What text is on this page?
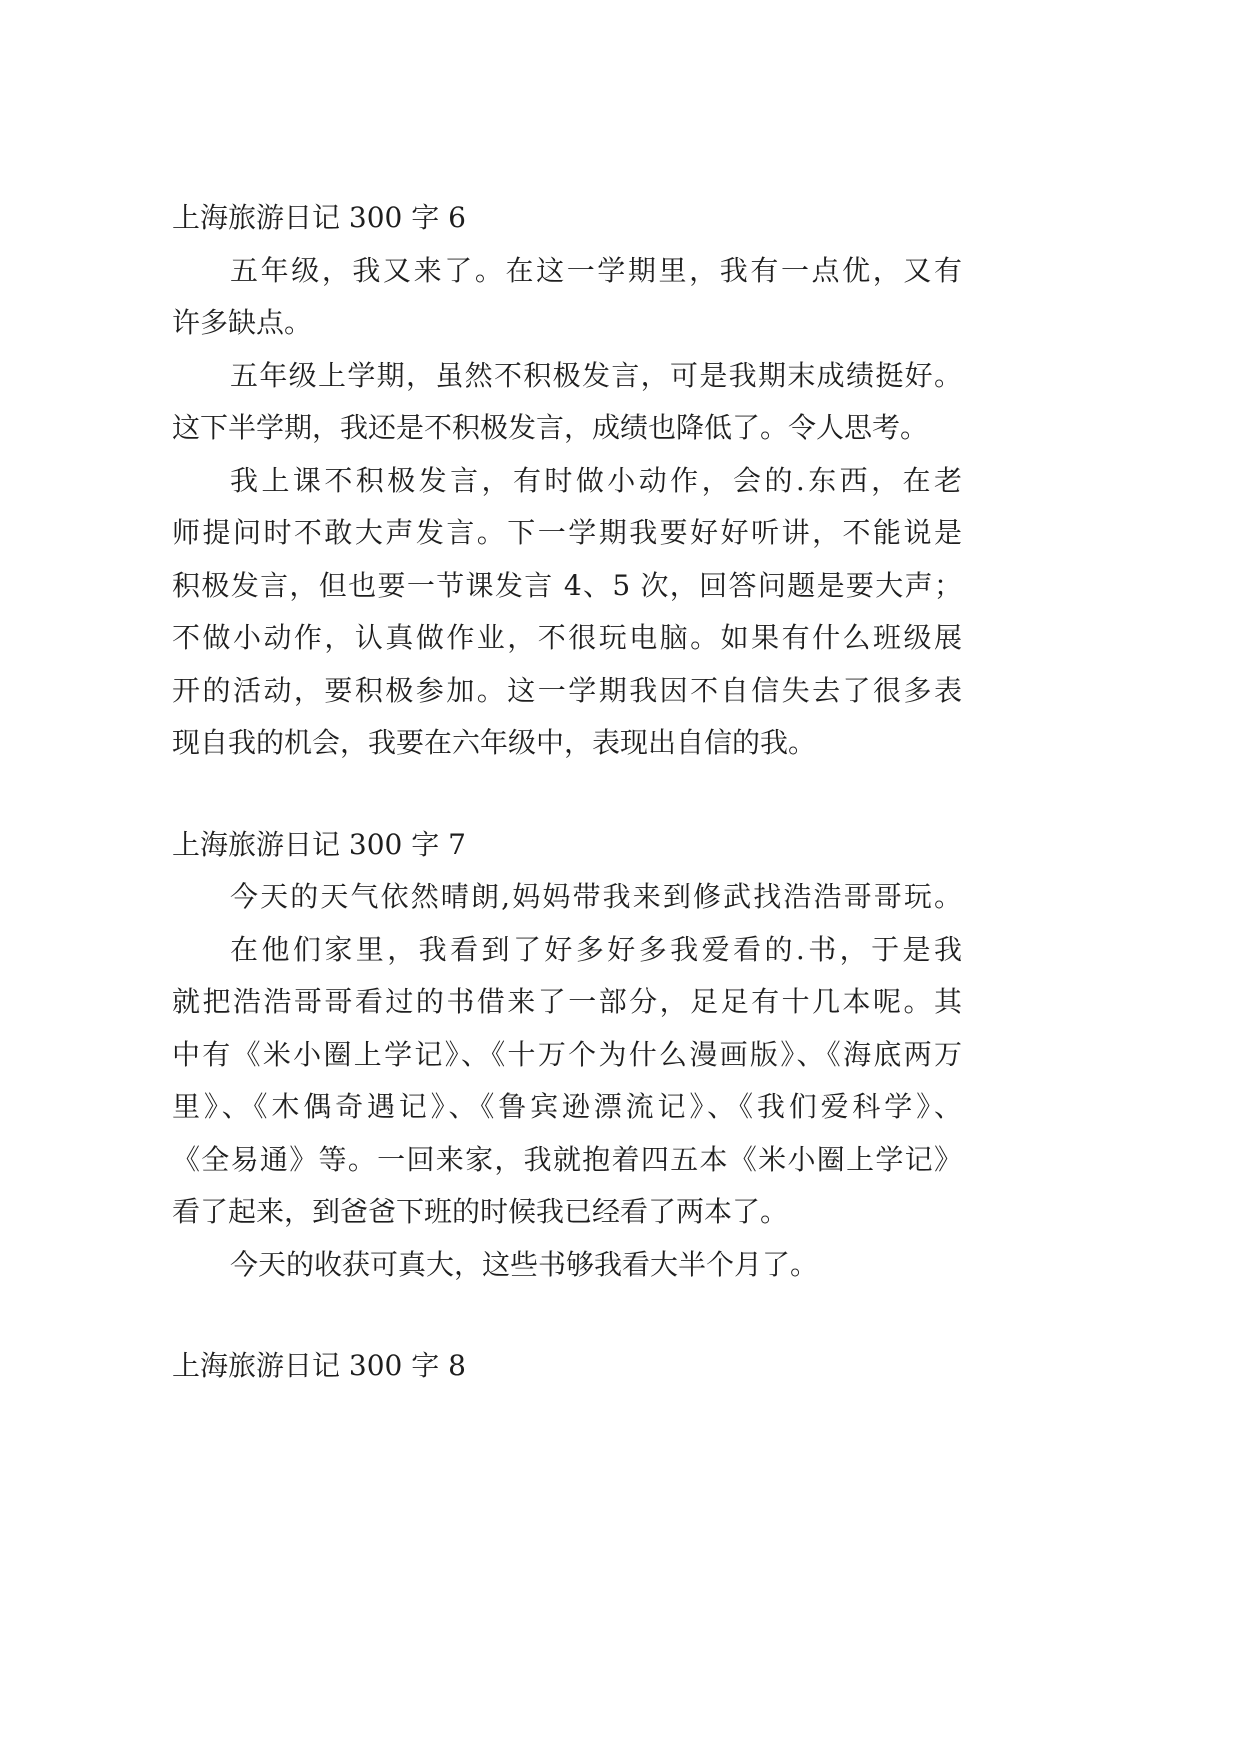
上海旅游日记 300 字 6
五年级，我又来了。在这一学期里，我有一点优，又有
许多缺点。
五年级上学期，虽然不积极发言，可是我期末成绩挺好。
这下半学期，我还是不积极发言，成绩也降低了。令人思考。
我上课不积极发言，有时做小动作，会的.东西，在老
师提问时不敢大声发言。下一学期我要好好听讲，不能说是
积极发言，但也要一节课发言 4、5 次，回答问题是要大声；
不做小动作，认真做作业，不很玩电脑。如果有什么班级展
开的活动，要积极参加。这一学期我因不自信失去了很多表
现自我的机会，我要在六年级中，表现出自信的我。
上海旅游日记 300 字 7
今天的天气依然晴朗,妈妈带我来到修武找浩浩哥哥玩。
在他们家里，我看到了好多好多我爱看的.书，于是我
就把浩浩哥哥看过的书借来了一部分，足足有十几本呢。其
中有《米小圈上学记》、《十万个为什么漫画版》、《海底两万
里》、《木偶奇遇记》、《鲁宾逊漂流记》、《我们爱科学》、
《全易通》等。一回来家，我就抱着四五本《米小圈上学记》
看了起来，到爸爸下班的时候我已经看了两本了。
今天的收获可真大，这些书够我看大半个月了。
上海旅游日记 300 字 8
